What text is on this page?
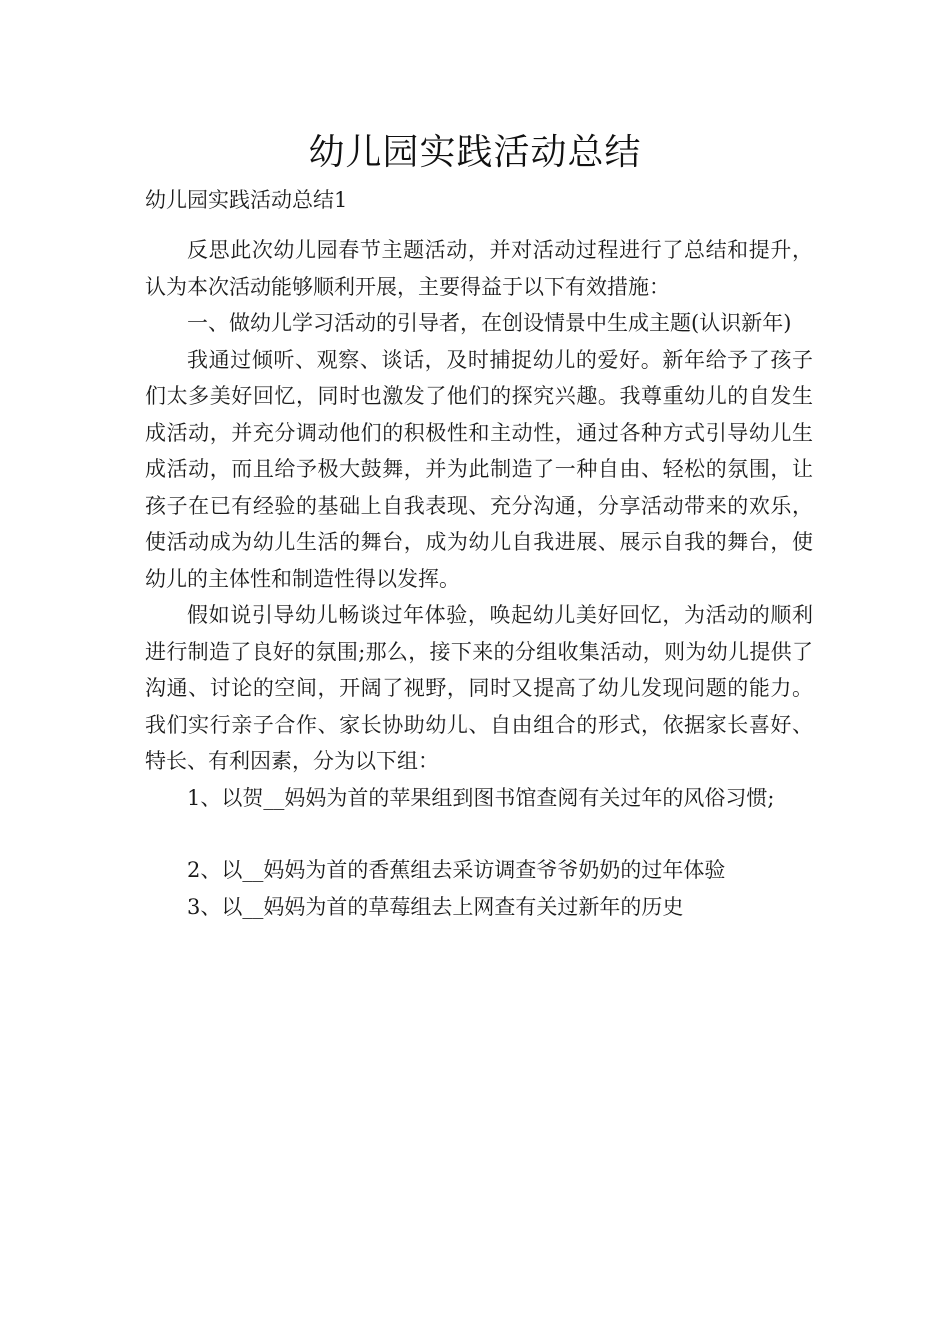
幼儿园实践活动总结
幼儿园实践活动总结1

反思此次幼儿园春节主题活动，并对活动过程进行了总结和提升，认为本次活动能够顺利开展，主要得益于以下有效措施：

一、做幼儿学习活动的引导者，在创设情景中生成主题(认识新年)

我通过倾听、观察、谈话，及时捕捉幼儿的爱好。新年给予了孩子们太多美好回忆，同时也激发了他们的探究兴趣。我尊重幼儿的自发生成活动，并充分调动他们的积极性和主动性，通过各种方式引导幼儿生成活动，而且给予极大鼓舞，并为此制造了一种自由、轻松的氛围，让孩子在已有经验的基础上自我表现、充分沟通，分享活动带来的欢乐，使活动成为幼儿生活的舞台，成为幼儿自我进展、展示自我的舞台，使幼儿的主体性和制造性得以发挥。

假如说引导幼儿畅谈过年体验，唤起幼儿美好回忆，为活动的顺利进行制造了良好的氛围;那么，接下来的分组收集活动，则为幼儿提供了沟通、讨论的空间，开阔了视野，同时又提高了幼儿发现问题的能力。我们实行亲子合作、家长协助幼儿、自由组合的形式，依据家长喜好、特长、有利因素，分为以下组：

1、以贺__妈妈为首的苹果组到图书馆查阅有关过年的风俗习惯;

2、以__妈妈为首的香蕉组去采访调查爷爷奶奶的过年体验

3、以__妈妈为首的草莓组去上网查有关过新年的历史
